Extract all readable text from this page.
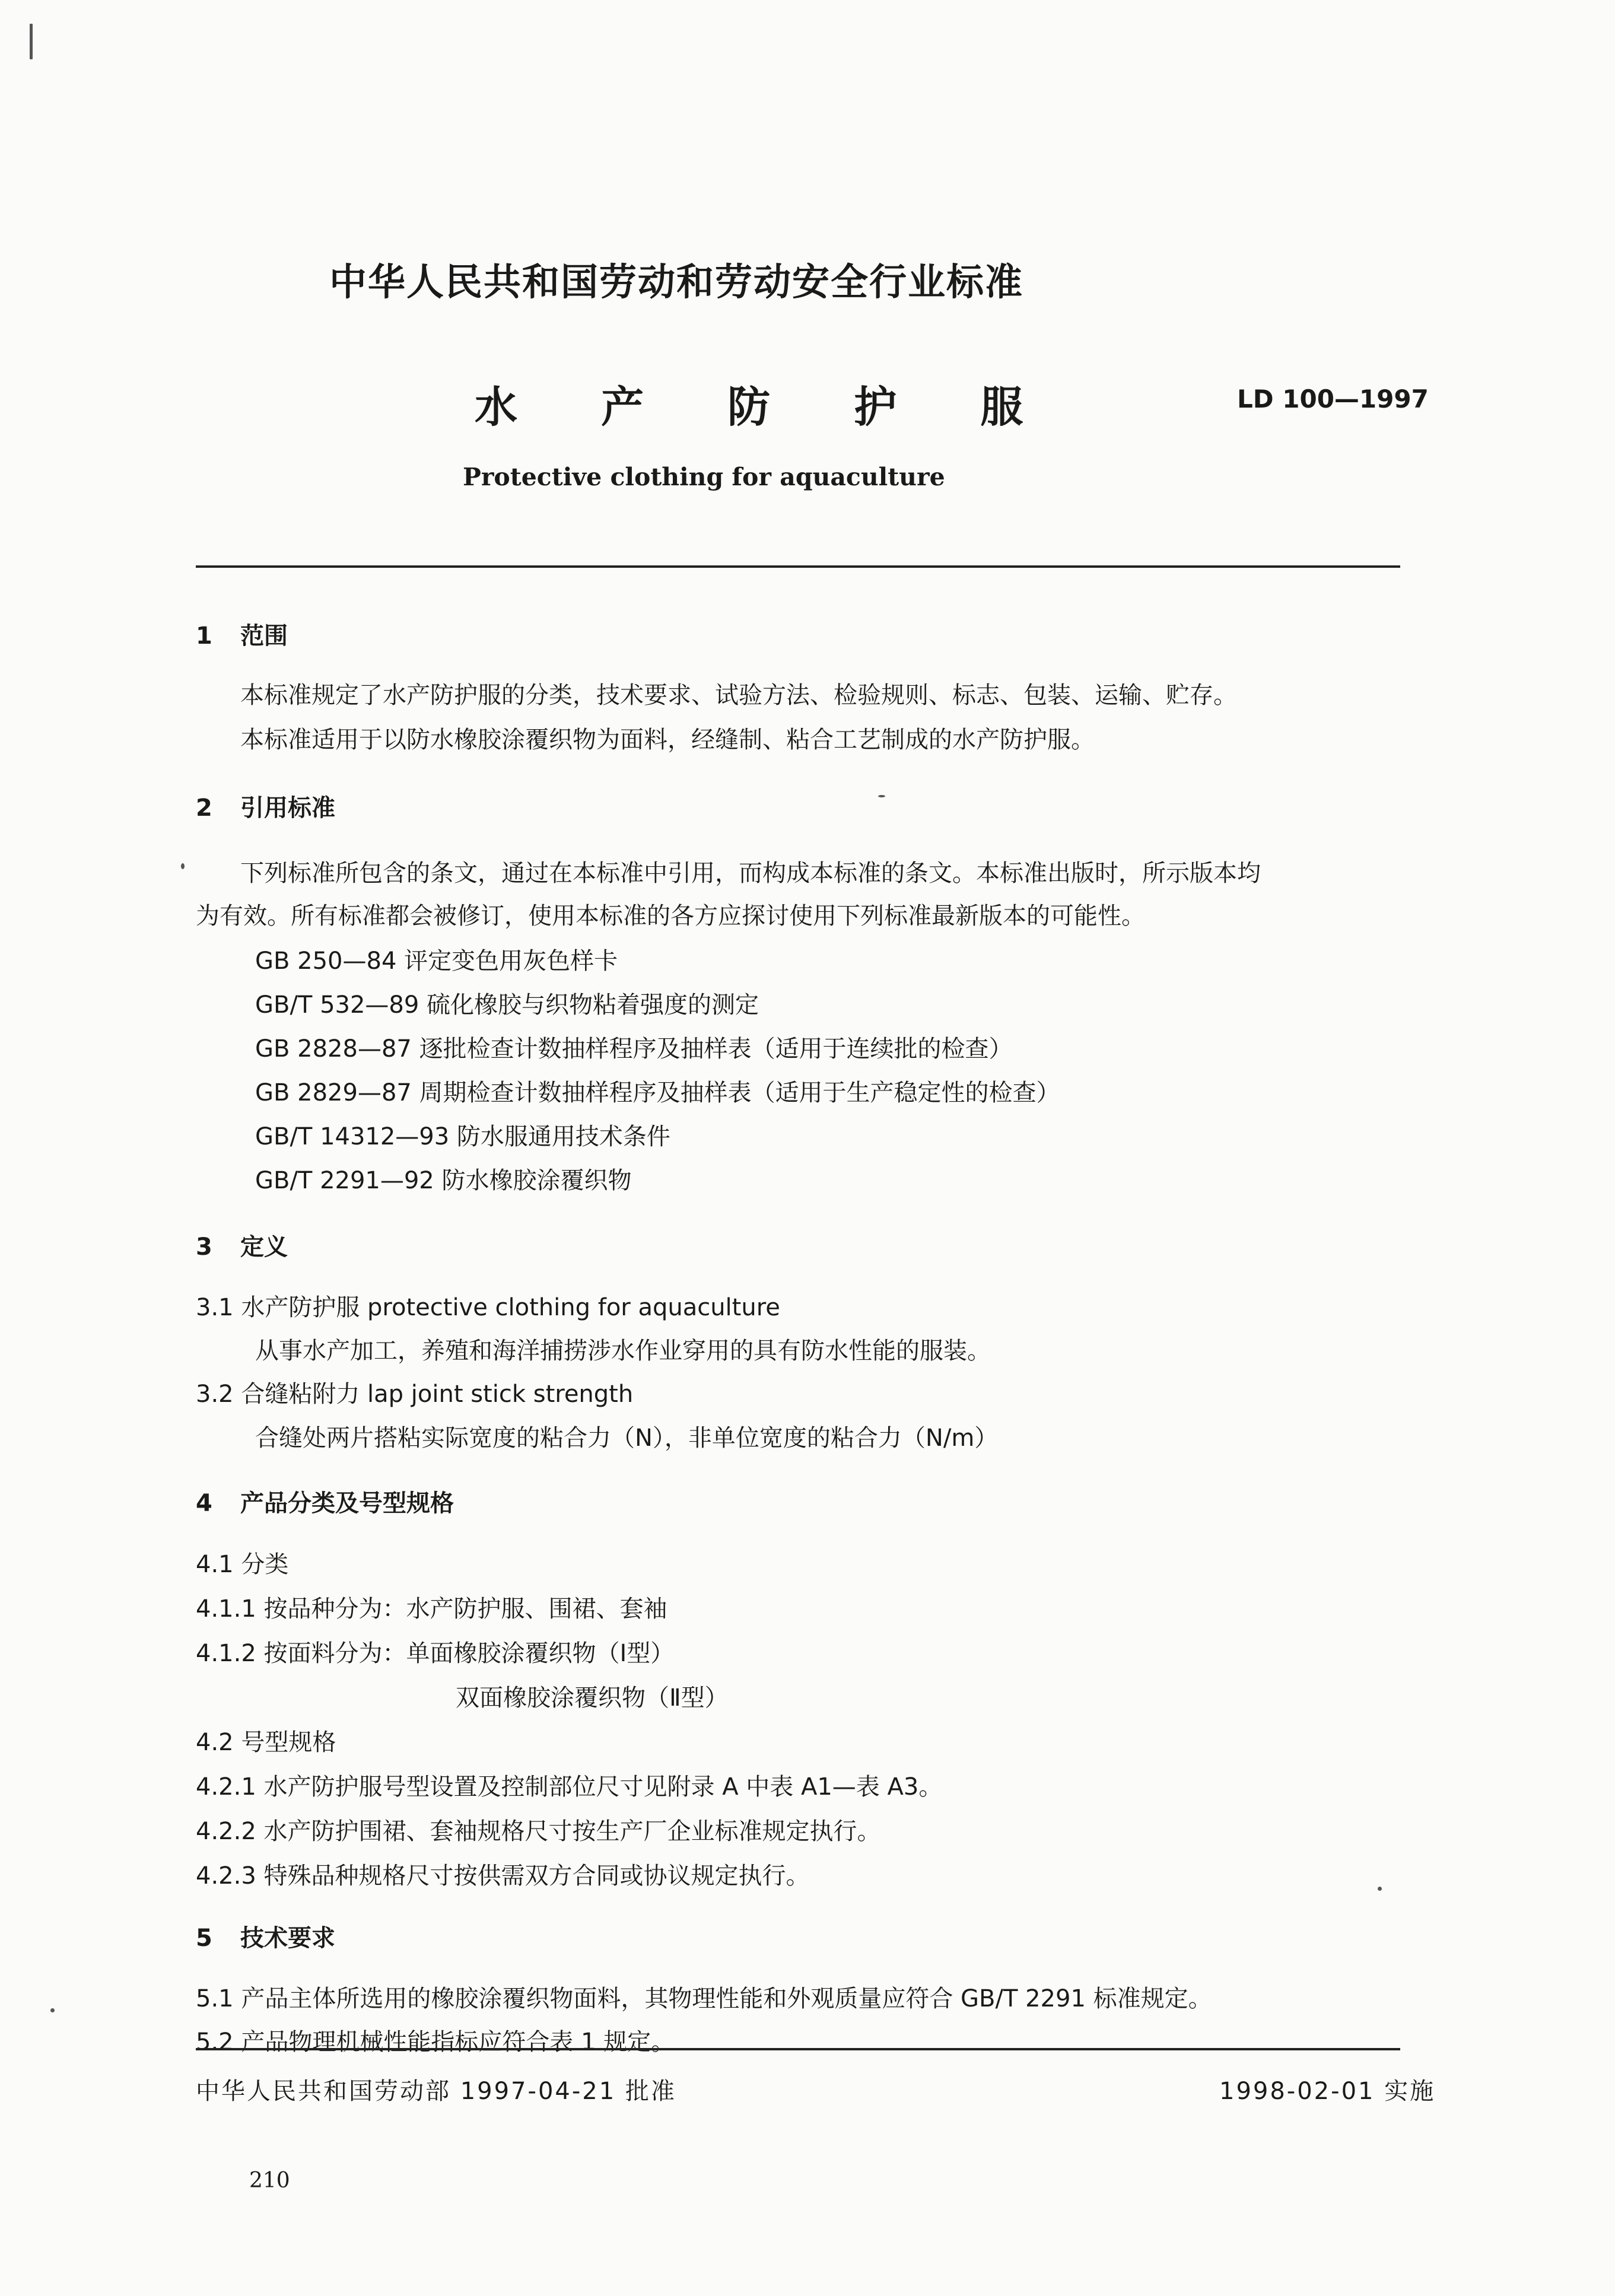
中华人民共和国劳动和劳动安全行业标准
水 产 防 护 服	LD 100—1997
Protective clothing for aquaculture
1 范围
本标准规定了水产防护服的分类，技术要求、试验方法、检验规则、标志、包装、运输、贮存。
本标准适用于以防水橡胶涂覆织物为面料，经缝制、粘合工艺制成的水产防护服。
2 引用标准
下列标准所包含的条文，通过在本标准中引用，而构成本标准的条文。本标准出版时，所示版本均
为有效。所有标准都会被修订，使用本标准的各方应探讨使用下列标准最新版本的可能性。
GB 250—84 评定变色用灰色样卡
GB/T 532—89 硫化橡胶与织物粘着强度的测定
GB 2828—87 逐批检查计数抽样程序及抽样表（适用于连续批的检查）
GB 2829—87 周期检查计数抽样程序及抽样表（适用于生产稳定性的检查）
GB/T 14312—93 防水服通用技术条件
GB/T 2291—92 防水橡胶涂覆织物
3 定义
3.1 水产防护服 protective clothing for aquaculture
从事水产加工，养殖和海洋捕捞涉水作业穿用的具有防水性能的服装。
3.2 合缝粘附力 lap joint stick strength
合缝处两片搭粘实际宽度的粘合力（N），非单位宽度的粘合力（N/m）
4 产品分类及号型规格
4.1 分类
4.1.1 按品种分为：水产防护服、围裙、套袖
4.1.2 按面料分为：单面橡胶涂覆织物（Ⅰ型）
双面橡胶涂覆织物（Ⅱ型）
4.2 号型规格
4.2.1 水产防护服号型设置及控制部位尺寸见附录 A 中表 A1—表 A3。
4.2.2 水产防护围裙、套袖规格尺寸按生产厂企业标准规定执行。
4.2.3 特殊品种规格尺寸按供需双方合同或协议规定执行。
5 技术要求
5.1 产品主体所选用的橡胶涂覆织物面料，其物理性能和外观质量应符合 GB/T 2291 标准规定。
5.2 产品物理机械性能指标应符合表 1 规定。
中华人民共和国劳动部 1997-04-21 批准	1998-02-01 实施
210
